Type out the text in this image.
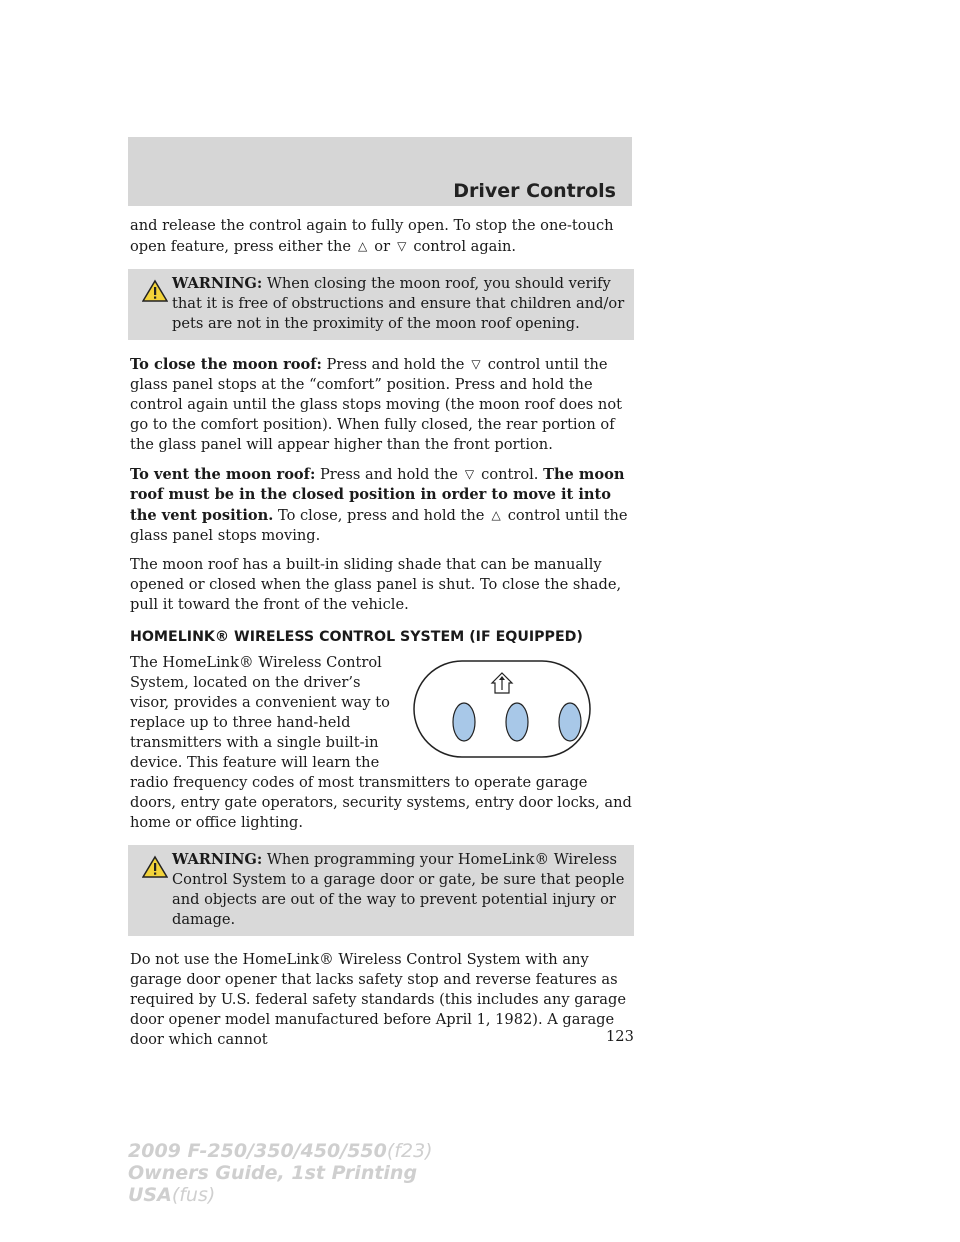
Driver Controls

and release the control again to fully open. To stop the one-touch open feature, press either the △ or ▽ control again.

WARNING: When closing the moon roof, you should verify that it is free of obstructions and ensure that children and/or pets are not in the proximity of the moon roof opening.

To close the moon roof: Press and hold the ▽ control until the glass panel stops at the “comfort” position. Press and hold the control again until the glass stops moving (the moon roof does not go to the comfort position). When fully closed, the rear portion of the glass panel will appear higher than the front portion.

To vent the moon roof: Press and hold the ▽ control. The moon roof must be in the closed position in order to move it into the vent position. To close, press and hold the △ control until the glass panel stops moving.

The moon roof has a built-in sliding shade that can be manually opened or closed when the glass panel is shut. To close the shade, pull it toward the front of the vehicle.

HOMELINK® WIRELESS CONTROL SYSTEM (IF EQUIPPED)

The HomeLink® Wireless Control System, located on the driver’s visor, provides a convenient way to replace up to three hand-held transmitters with a single built-in device. This feature will learn the radio frequency codes of most transmitters to operate garage doors, entry gate operators, security systems, entry door locks, and home or office lighting.

WARNING: When programming your HomeLink® Wireless Control System to a garage door or gate, be sure that people and objects are out of the way to prevent potential injury or damage.

Do not use the HomeLink® Wireless Control System with any garage door opener that lacks safety stop and reverse features as required by U.S. federal safety standards (this includes any garage door opener model manufactured before April 1, 1982). A garage door which cannot	123
2009 F-250/350/450/550(f23)
Owners Guide, 1st Printing
USA(fus)
